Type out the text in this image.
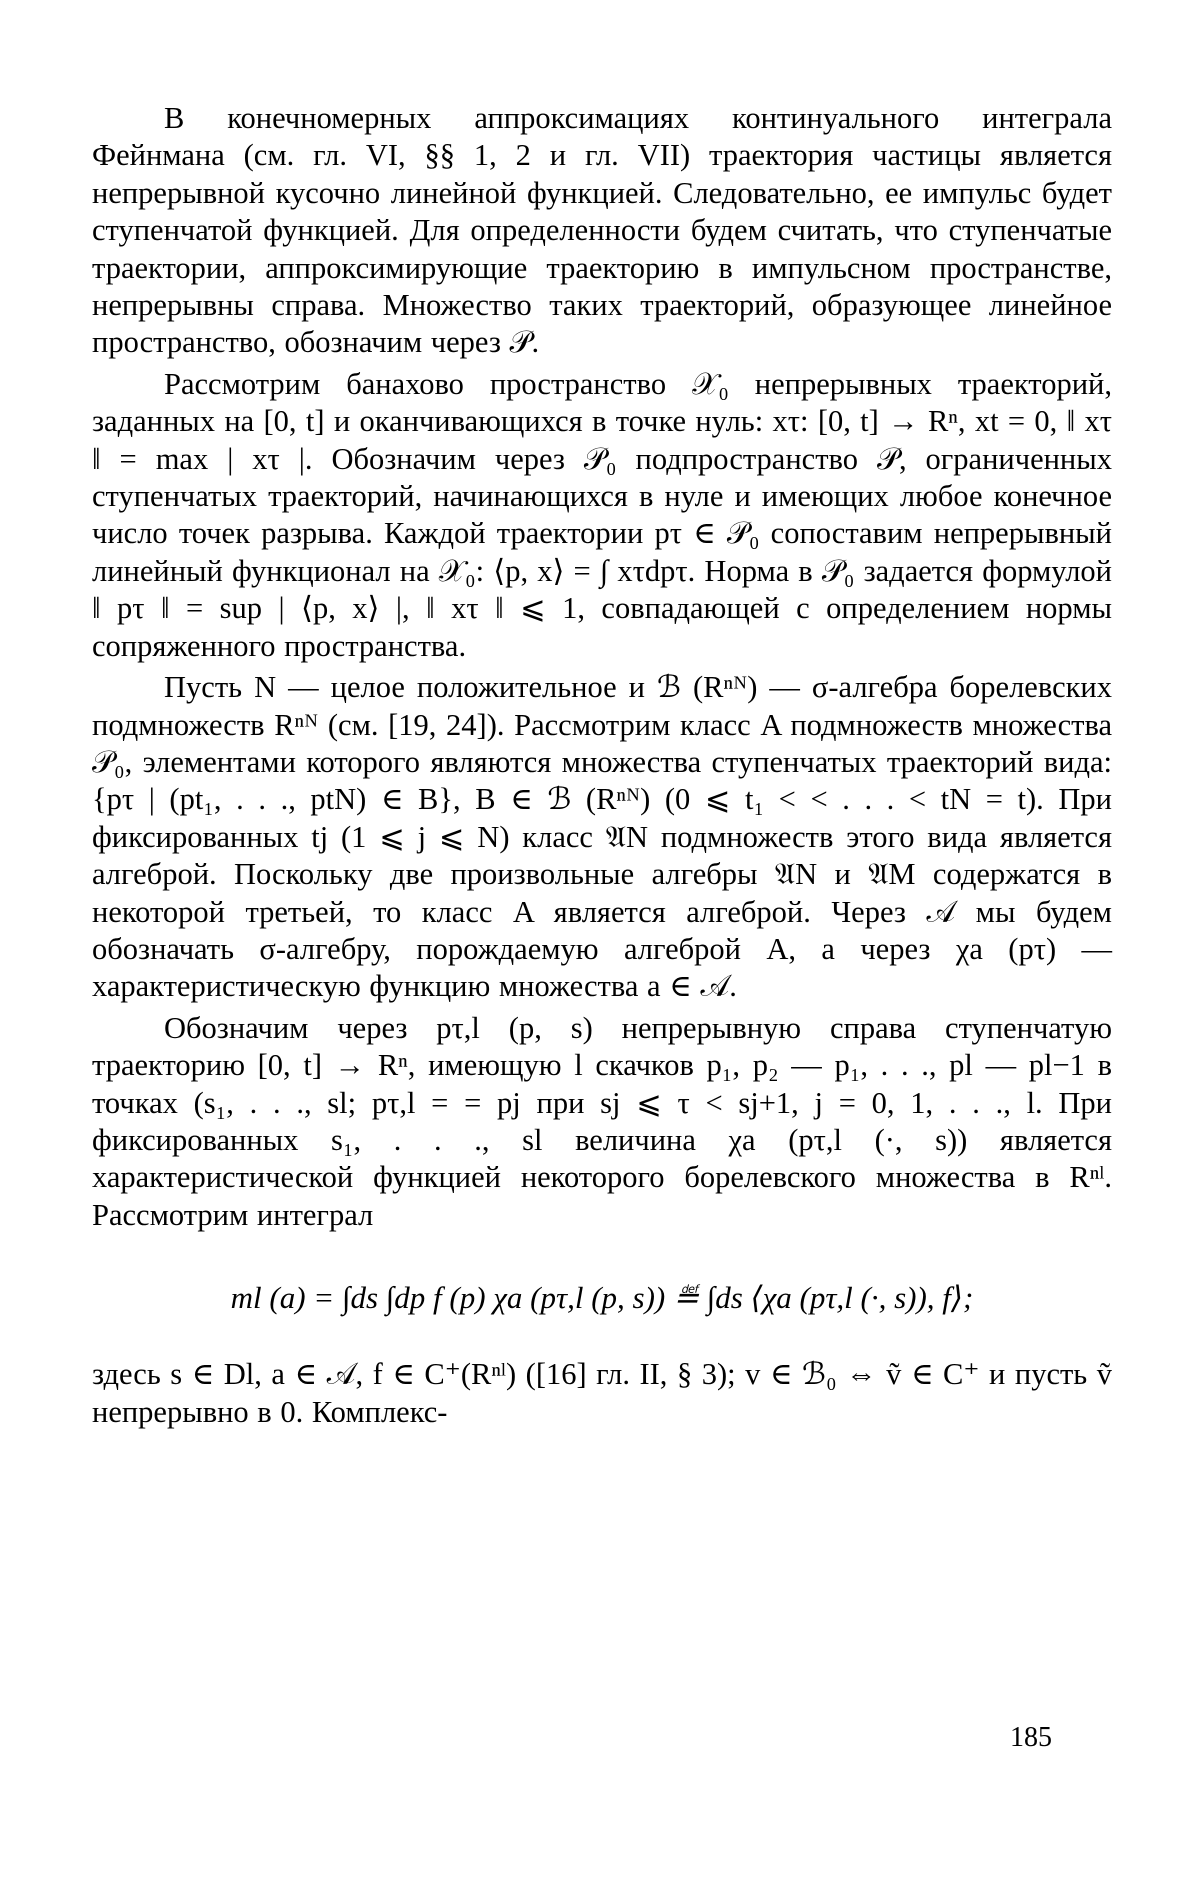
В конечномерных аппроксимациях континуального интеграла Фейнмана (см. гл. VI, §§ 1, 2 и гл. VII) траектория частицы является непрерывной кусочно линейной функцией. Следовательно, ее импульс будет ступенчатой функцией. Для определенности будем считать, что ступенчатые траектории, аппроксимирующие траекторию в импульсном пространстве, непрерывны справа. Множество таких траекторий, образующее линейное пространство, обозначим через 𝒫.

Рассмотрим банахово пространство 𝒳₀ непрерывных траекторий, заданных на [0, t] и оканчивающихся в точке нуль: xτ: [0, t] → Rⁿ, xt = 0, ‖ xτ ‖ = max | xτ |. Обозначим через 𝒫₀ подпространство 𝒫, ограниченных ступенчатых траекторий, начинающихся в нуле и имеющих любое конечное число точек разрыва. Каждой траектории pτ ∈ 𝒫₀ сопоставим непрерывный линейный функционал на 𝒳₀: ⟨p, x⟩ = ∫ xτdpτ. Норма в 𝒫₀ задается формулой ‖ pτ ‖ = sup | ⟨p, x⟩ |, ‖ xτ ‖ ⩽ 1, совпадающей с определением нормы сопряженного пространства.

Пусть N — целое положительное и ℬ (Rⁿᴺ) — σ-алгебра борелевских подмножеств Rⁿᴺ (см. [19, 24]). Рассмотрим класс A подмножеств множества 𝒫₀, элементами которого являются множества ступенчатых траекторий вида: {pτ | (pt₁, . . ., ptN) ∈ B}, B ∈ ℬ (Rⁿᴺ) (0 ⩽ t₁ < < . . . < tN = t). При фиксированных tj (1 ⩽ j ⩽ N) класс 𝔄N подмножеств этого вида является алгеброй. Поскольку две произвольные алгебры 𝔄N и 𝔄M содержатся в некоторой третьей, то класс A является алгеброй. Через 𝒜 мы будем обозначать σ-алгебру, порождаемую алгеброй A, а через χa (pτ) — характеристическую функцию множества a ∈ 𝒜.

Обозначим через pτ,l (p, s) непрерывную справа ступенчатую траекторию [0, t] → Rⁿ, имеющую l скачков p₁, p₂ — p₁, . . ., pl — pl−1 в точках (s₁, . . ., sl; pτ,l = = pj при sj ⩽ τ < sj+1, j = 0, 1, . . ., l. При фиксированных s₁, . . ., sl величина χa (pτ,l (·, s)) является характеристической функцией некоторого борелевского множества в Rⁿˡ. Рассмотрим интеграл

ml (a) = ∫ds ∫dp f (p) χa (pτ,l (p, s)) ≝ ∫ds ⟨χa (pτ,l (·, s)), f⟩;

здесь s ∈ Dl, a ∈ 𝒜, f ∈ C⁺(Rⁿˡ) ([16] гл. II, § 3); v ∈ ℬ₀ ⇔ ṽ ∈ C⁺ и пусть ṽ непрерывно в 0. Комплекс-

185
